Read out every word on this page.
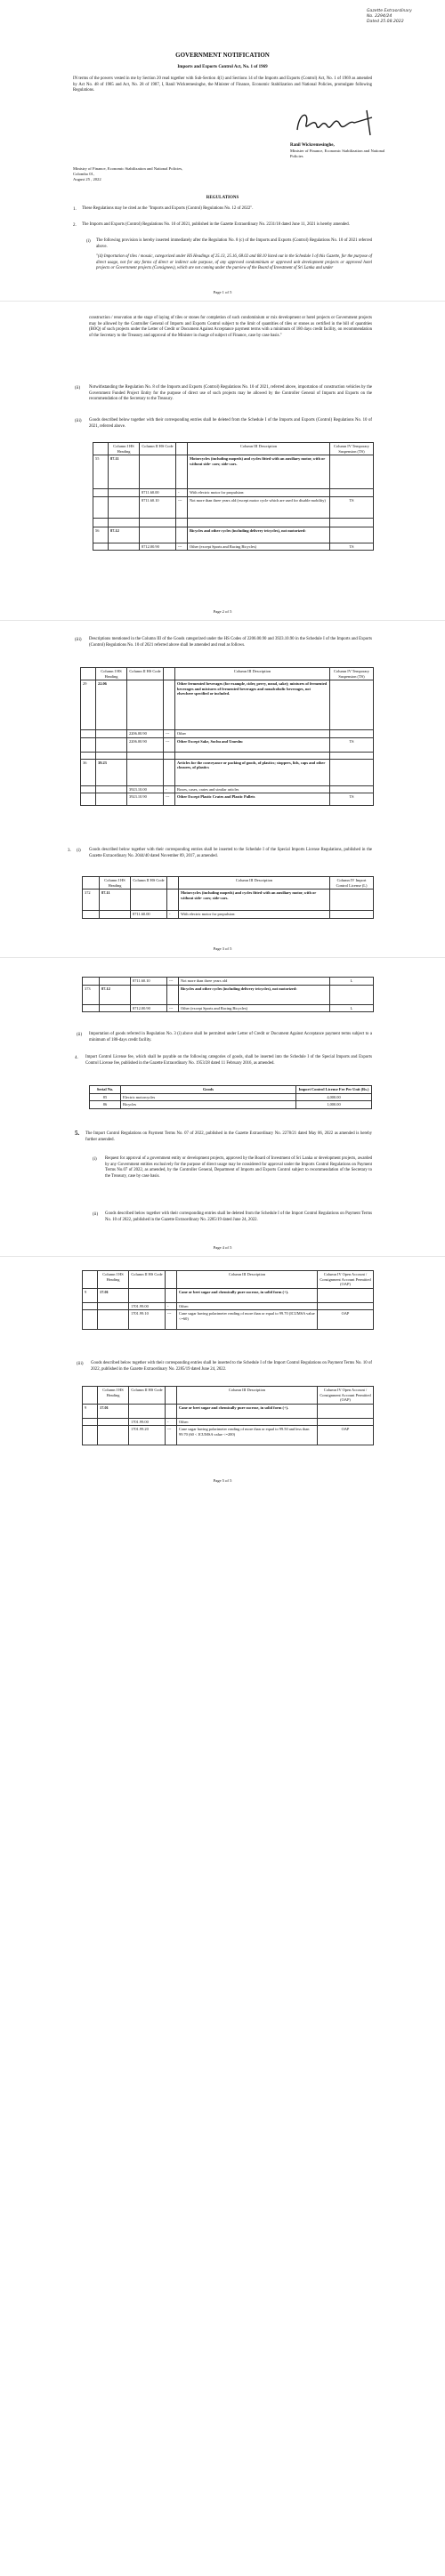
Gazette Extraordinary
No. 2294/24
Dated 25.08.2022
GOVERNMENT NOTIFICATION
Imports and Exports Control Act, No. 1 of 1969
IN terms of the powers vested in me by Section 20 read together with Sub-Section 4(1) and Sections 14 of the Imports and Exports (Control) Act, No. 1 of 1969 as amended by Act No. 48 of 1985 and Act, No. 28 of 1987, I, Ranil Wickremesinghe, the Minister of Finance, Economic Stabilization and National Policies, promulgate following Regulations.
Ranil Wickremesinghe,
Minister of Finance, Economic Stabilization and National Policies
Ministry of Finance, Economic Stabilization and National Policies,
Colombo 01,
August 25 , 2022
REGULATIONS
1. These Regulations may be cited as the "Imports and Exports (Control) Regulations No. 12 of 2022".
2. The Imports and Exports (Control) Regulations No. 10 of 2021, published in the Gazette Extraordinary No. 2231/18 dated June 11, 2021 is hereby amended.
(i) The following provision is hereby inserted immediately after the Regulation No. 8 (c) of the Imports and Exports (Control) Regulations No. 10 of 2021 referred above.
"(d) Importation of tiles / mosaic, categorized under HS Headings of 25.13, 25.16, 68.02 and 68.10 listed out in the Schedule I of this Gazette, for the purpose of direct usage, not for any forms of direct or indirect sale purpose, of any approved condominium or approved unit development projects or approved hotel projects or Government projects (Consignees), which are not coming under the purview of the Board of Investment of Sri Lanka and under
Page 1 of 5
construction / renovation at the stage of laying of tiles or stones for completion of such condominium or mix development or hotel projects or Government projects may be allowed by the Controller General of Imports and Exports Control subject to the limit of quantities of tiles or stones as certified in the bill of quantities (BOQ) of such projects under the Letter of Credit or Document Against Acceptance payment terms with a minimum of 180 days credit facility, on recommendation of the Secretary to the Treasury and approval of the Minister in charge of subject of Finance, case by case basis."
(ii) Notwithstanding the Regulation No. 8 of the Imports and Exports (Control) Regulations No. 10 of 2021, referred above, importation of construction vehicles by the Government Funded Project Entity for the purpose of direct use of such projects may be allowed by the Controller General of Imports and Exports on the recommendation of the Secretary to the Treasury.
(iii) Goods described below together with their corresponding entries shall be deleted from the Schedule I of the Imports and Exports (Control) Regulations No. 10 of 2021, referred above.
	Column I HS Heading	Column II HS Code		Column III Description	Column IV Temporary Suspension (TS)
55	87.11			Motorcycles (including mopeds) and cycles fitted with an auxiliary motor, with or without side- cars; side-cars.	
		8711.60.00	-	With electric motor for propulsion:	
		8711.60.10	---	Not more than three years old (except motor cycle which are used for disable mobility)	TS

56	87.12			Bicycles and other cycles (including delivery tricycles), not motorized:	
		8712.00.90	---	Other (except Sports and Racing Bicycles)	TS
Page 2 of 5
(iii) Descriptions mentioned in the Column III of the Goods categorized under the HS Codes of 2206.00.90 and 3923.10.90 in the Schedule I of the Imports and Exports (Control) Regulations No. 10 of 2021 referred above shall be amended and read as follows.
	Column I HS Heading	Column II HS Code		Column III Description	Column IV Temporary Suspension (TS)
29	22.06			Other fermented beverages (for example, cider, perry, mead, sake); mixtures of fermented beverages and mixtures of fermented beverages and nonalcoholic beverages, not elsewhere specified or included.	
		2206.00.90	---	Other	
		2206.00.90	---	Other Except Sake, Sochu and Umeshu	TS

36	39.23			Articles for the conveyance or packing of goods, of plastics; stoppers, lids, caps and other closures, of plastics	
		3923.10.00	-	Boxes, cases, crates and similar articles	
		3923.10.90	---	Other Except Plastic Crates and Plastic Pallets	TS
3. (i) Goods described below together with their corresponding entries shall be inserted to the Schedule I of the Special Imports License Regulations, published in the Gazette Extraordinary No. 2044/40 dated November 09, 2017, as amended.
	Column I HS Heading	Column II HS Code		Column III Description	Column IV Import Control License (L)
372	87.11			Motorcycles (including mopeds) and cycles fitted with an auxiliary motor, with or without side- cars; side-cars.	
		8711.60.00	-	With electric motor for propulsion:	
Page 3 of 5
		8711.60.10	---	Not more than three years old	L
373	87.12			Bicycles and other cycles (including delivery tricycles), not motorized:	
		8712.00.90	---	Other (except Sports and Racing Bicycles)	L
(ii) Importation of goods referred in Regulation No. 3 (i) above shall be permitted under Letter of Credit or Document Against Acceptance payment terms subject to a minimum of 180-days credit facility.
4. Import Control License fee, which shall be payable on the following categories of goods, shall be inserted into the Schedule I of the Special Imports and Exports Control License fee, published in the Gazette Extraordinary No. 1953/28 dated 11 February 2016, as amended.
Serial No.	Goods	Import Control License Fee Per Unit (Rs.)
85	Electric motorcycles	4,000.00
86	Bicycles	1,000.00
5. The Import Control Regulations on Payment Terms No. 07 of 2022, published in the Gazette Extraordinary No. 2278/21 dated May 06, 2022 as amended is hereby further amended.
(i) Request for approval of a government entity or development projects, approved by the Board of Investment of Sri Lanka or development projects, awarded by any Government entities exclusively for the purpose of direct usage may be considered for approval under the Imports Control Regulations on Payment Terms No.07 of 2022, as amended, by the Controller General, Department of Imports and Exports Control subject to recommendation of the Secretary to the Treasury, case by case basis.
(ii) Goods described below together with their corresponding entries shall be deleted from the Schedule I of the Import Control Regulations on Payment Terms No. 10 of 2022, published in the Gazette Extraordinary No. 2285/19 dated June 24, 2022.
Page 4 of 5
	Column I HS Heading	Column II HS Code		Column III Description	Column IV Open Account / Consignment Account Permitted (OAP)
9	17.01			Cane or beet sugar and chemically pure sucrose, in solid form (+).	
		1701.99.00	-	Other:	
		1701.99.10	---	Cane sugar having polarimeter reading of more than or equal to 99.70 (ICUMSA value <=60)	OAP
(iii) Goods described below together with their corresponding entries shall be inserted to the Schedule I of the Import Control Regulations on Payment Terms No. 10 of 2022, published in the Gazette Extraordinary No. 2285/19 dated June 24, 2022.
	Column I HS Heading	Column II HS Code		Column III Description	Column IV Open Account / Consignment Account Permitted (OAP)
9	17.01			Cane or beet sugar and chemically pure sucrose, in solid form (+).	
		1701.99.00	-	Other:	
		1701.99.20	---	Cane sugar having polarimeter reading of more than or equal to 99.50 and less than 99.70 (60 < ICUMSA value <=200)	OAP
Page 5 of 5
